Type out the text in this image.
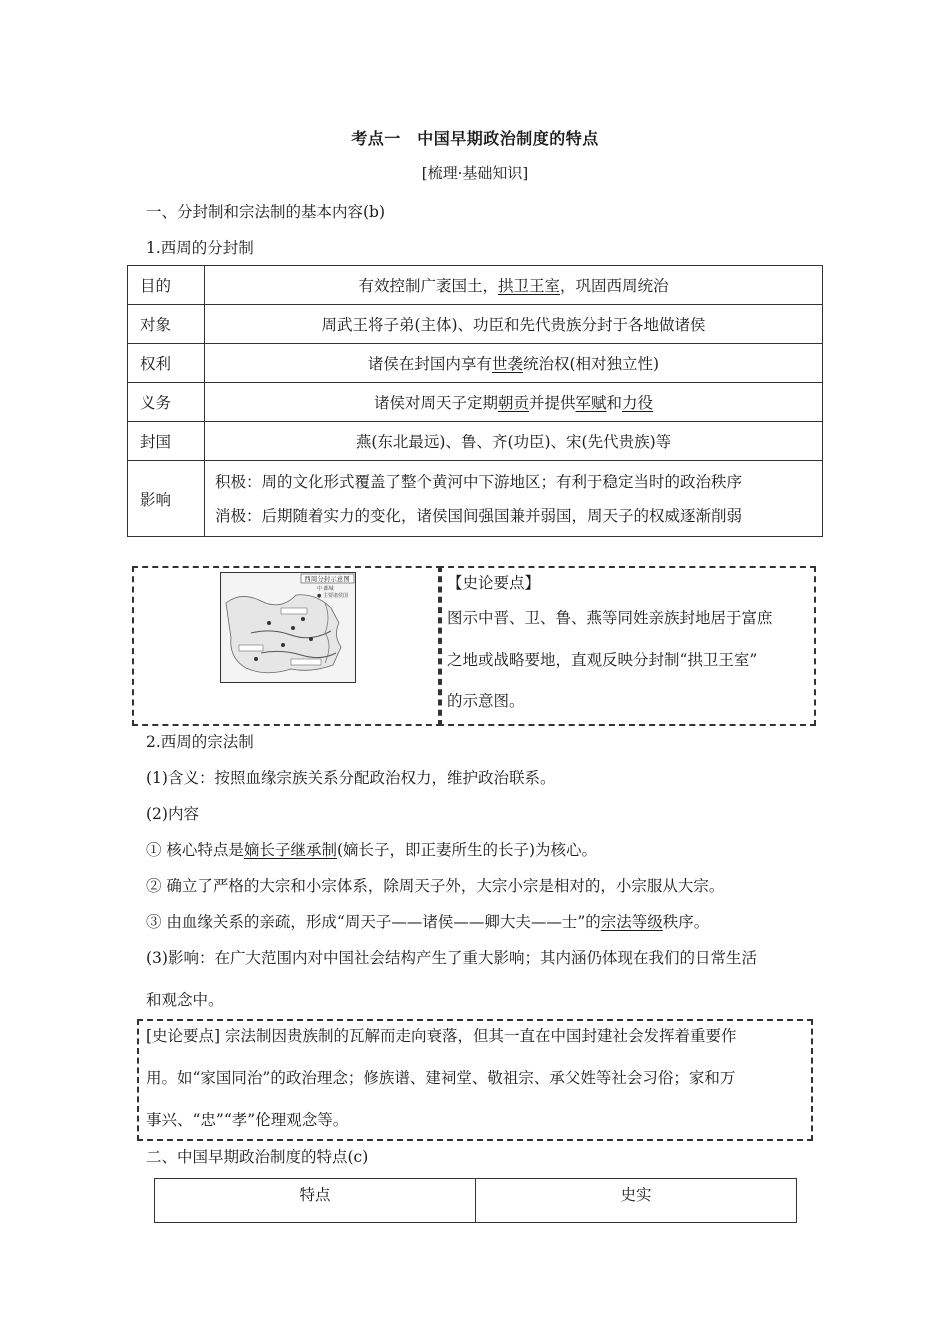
考点一　中国早期政治制度的特点
[梳理·基础知识]
一、分封制和宗法制的基本内容(b)
1.西周的分封制
目的	有效控制广袤国土，拱卫王室，巩固西周统治
对象	周武王将子弟(主体)、功臣和先代贵族分封于各地做诸侯
权利	诸侯在封国内享有世袭统治权(相对独立性)
义务	诸侯对周天子定期朝贡并提供军赋和力役
封国	燕(东北最远)、鲁、齐(功臣)、宋(先代贵族)等
影响	积极：周的文化形式覆盖了整个黄河中下游地区；有利于稳定当时的政治秩序
消极：后期随着实力的变化，诸侯国间强国兼并弱国，周天子的权威逐渐削弱
西周分封示意图
中 都城
● 主要诸侯国
【史论要点】
图示中晋、卫、鲁、燕等同姓亲族封地居于富庶
之地或战略要地，直观反映分封制“拱卫王室”
的示意图。
2.西周的宗法制
(1)含义：按照血缘宗族关系分配政治权力，维护政治联系。
(2)内容
① 核心特点是嫡长子继承制(嫡长子，即正妻所生的长子)为核心。
② 确立了严格的大宗和小宗体系，除周天子外，大宗小宗是相对的，小宗服从大宗。
③ 由血缘关系的亲疏，形成“周天子——诸侯——卿大夫——士”的宗法等级秩序。
(3)影响：在广大范围内对中国社会结构产生了重大影响；其内涵仍体现在我们的日常生活
和观念中。
[史论要点] 宗法制因贵族制的瓦解而走向衰落，但其一直在中国封建社会发挥着重要作
用。如“家国同治”的政治理念；修族谱、建祠堂、敬祖宗、承父姓等社会习俗；家和万
事兴、“忠”“孝”伦理观念等。
二、中国早期政治制度的特点(c)
特点	史实
